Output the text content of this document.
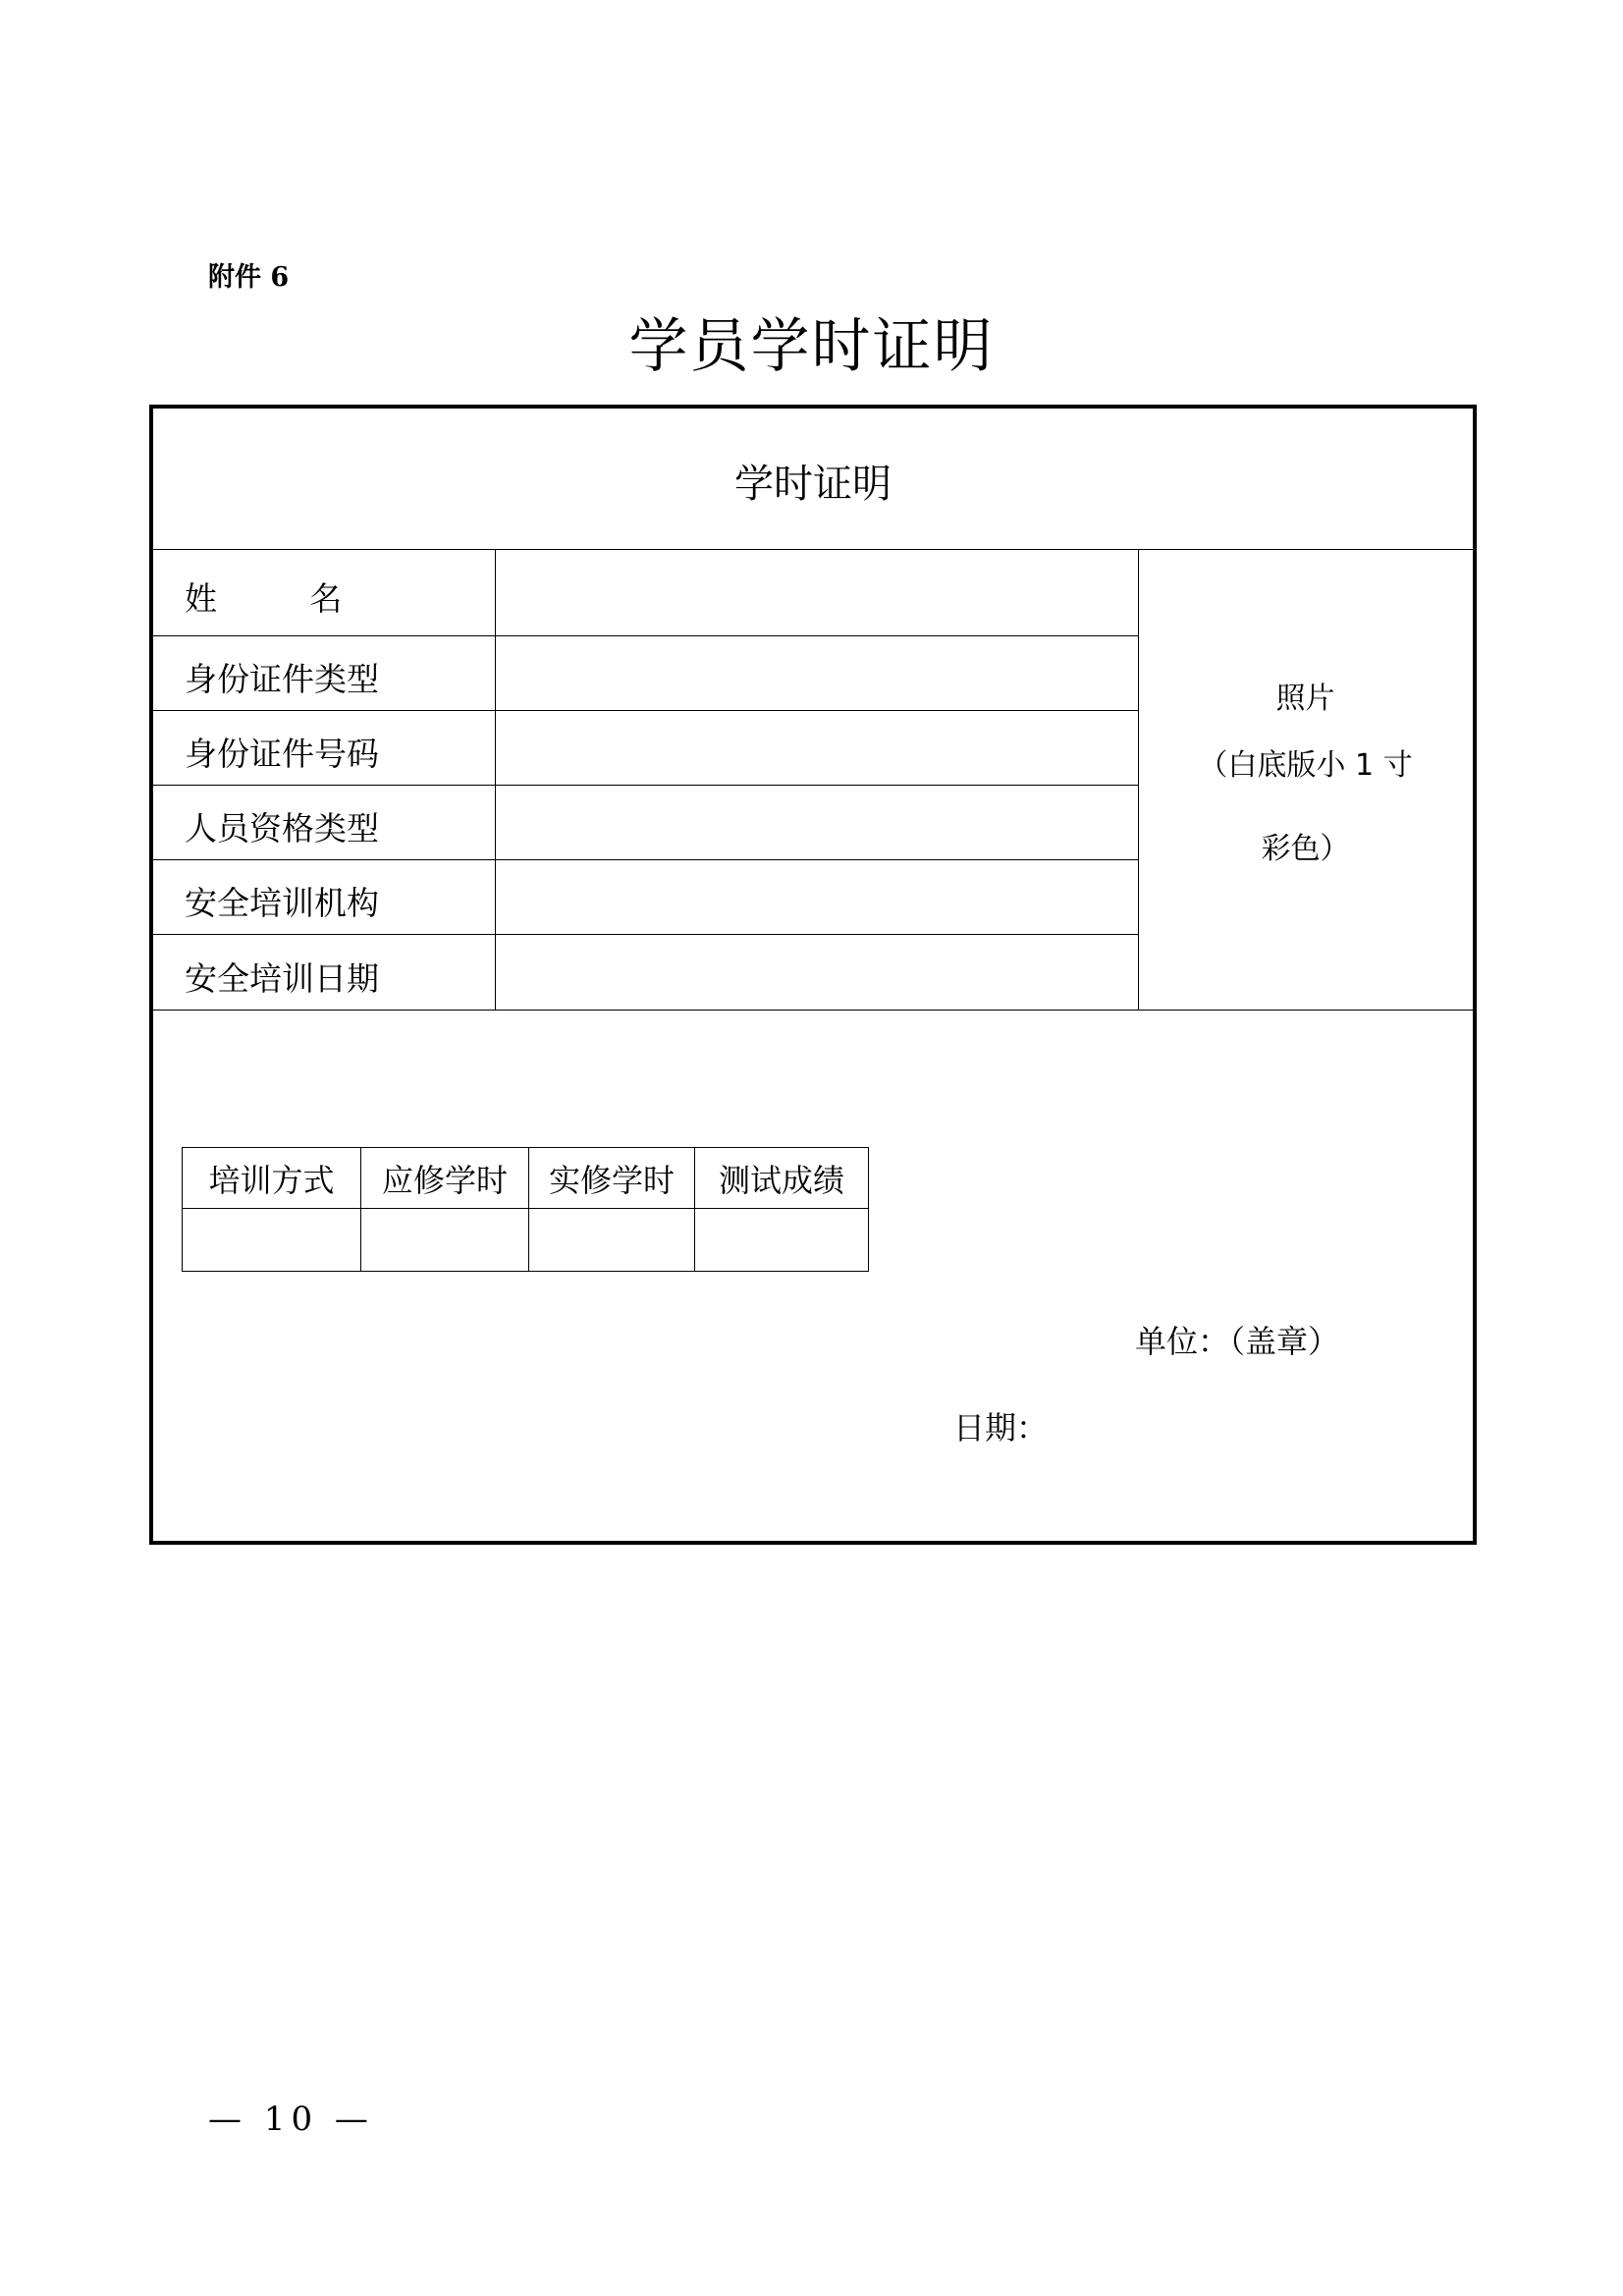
附件 6
学员学时证明
学时证明
姓         名
身份证件类型
身份证件号码
人员资格类型
安全培训机构
安全培训日期
照片
（白底版小 1 寸
彩色）
培训方式	应修学时	实修学时	测试成绩

单位：（盖章）
日期：
— 10 —
